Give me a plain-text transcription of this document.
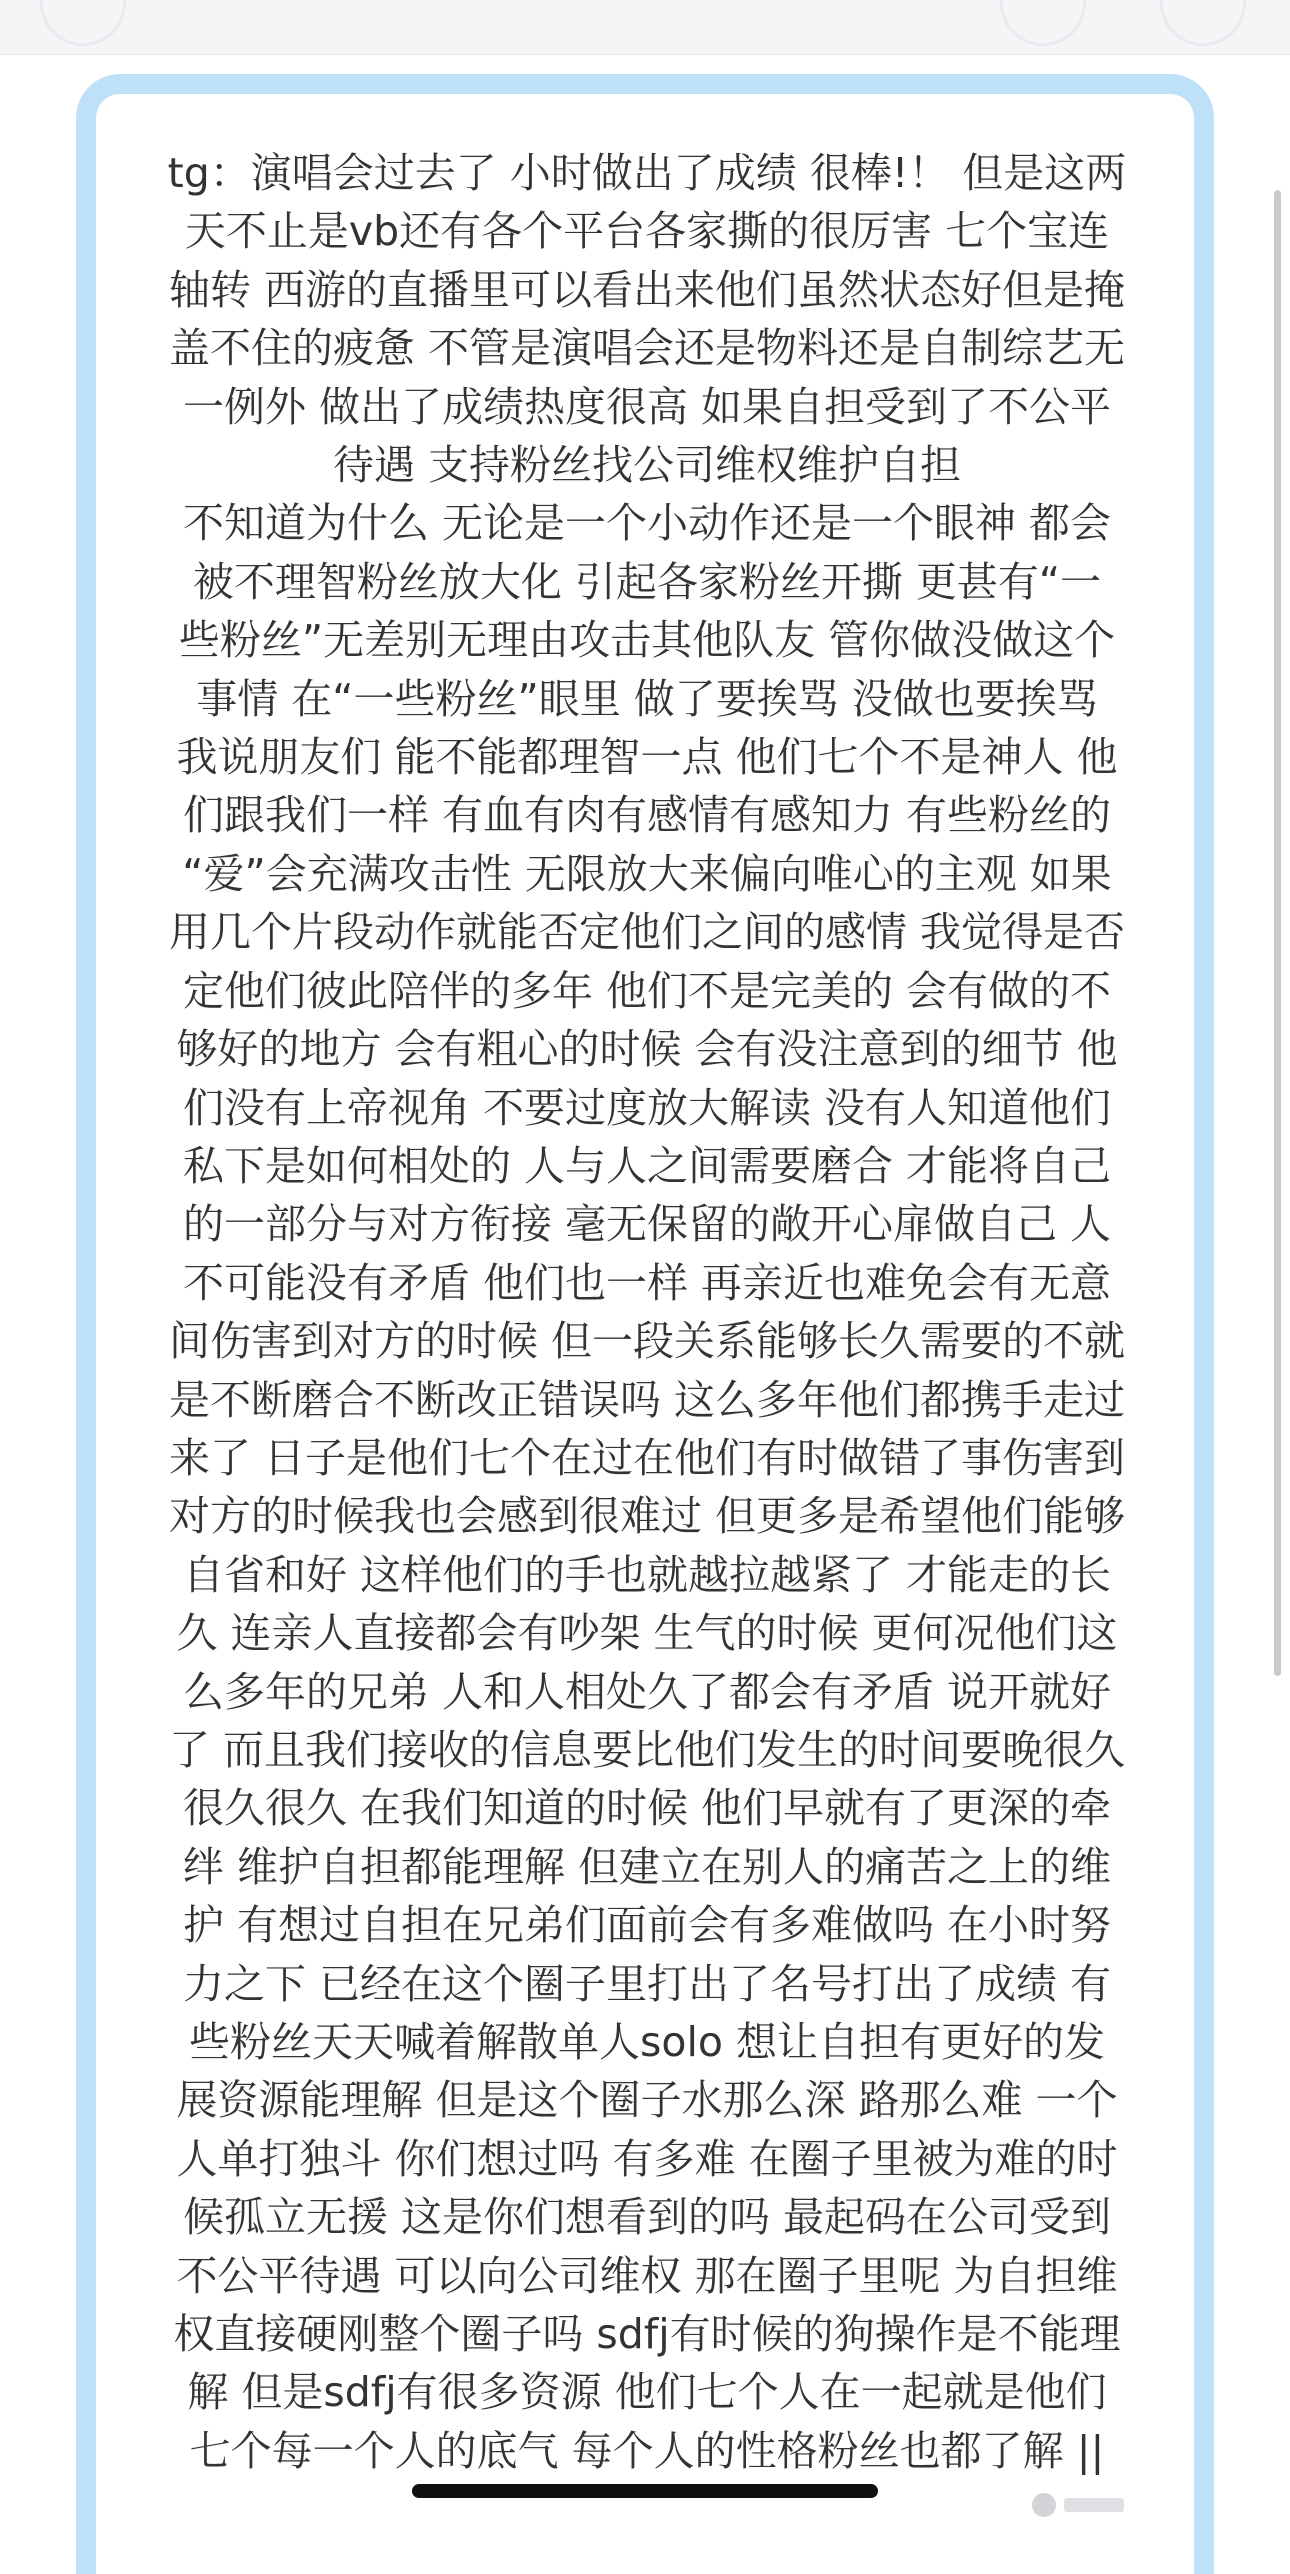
tg：演唱会过去了 小时做出了成绩 很棒!！ 但是这两
天不止是vb还有各个平台各家撕的很厉害 七个宝连
轴转 西游的直播里可以看出来他们虽然状态好但是掩
盖不住的疲惫 不管是演唱会还是物料还是自制综艺无
一例外 做出了成绩热度很高 如果自担受到了不公平
待遇 支持粉丝找公司维权维护自担

不知道为什么 无论是一个小动作还是一个眼神 都会
被不理智粉丝放大化 引起各家粉丝开撕 更甚有“一
些粉丝”无差别无理由攻击其他队友 管你做没做这个
事情 在“一些粉丝”眼里 做了要挨骂 没做也要挨骂
我说朋友们 能不能都理智一点 他们七个不是神人 他
们跟我们一样 有血有肉有感情有感知力 有些粉丝的
“爱”会充满攻击性 无限放大来偏向唯心的主观 如果
用几个片段动作就能否定他们之间的感情 我觉得是否
定他们彼此陪伴的多年 他们不是完美的 会有做的不
够好的地方 会有粗心的时候 会有没注意到的细节 他
们没有上帝视角 不要过度放大解读 没有人知道他们
私下是如何相处的 人与人之间需要磨合 才能将自己
的一部分与对方衔接 毫无保留的敞开心扉做自己 人
不可能没有矛盾 他们也一样 再亲近也难免会有无意
间伤害到对方的时候 但一段关系能够长久需要的不就
是不断磨合不断改正错误吗 这么多年他们都携手走过
来了 日子是他们七个在过在他们有时做错了事伤害到
对方的时候我也会感到很难过 但更多是希望他们能够
自省和好 这样他们的手也就越拉越紧了 才能走的长
久 连亲人直接都会有吵架 生气的时候 更何况他们这
么多年的兄弟 人和人相处久了都会有矛盾 说开就好
了 而且我们接收的信息要比他们发生的时间要晚很久
很久很久 在我们知道的时候 他们早就有了更深的牵
绊 维护自担都能理解 但建立在别人的痛苦之上的维
护 有想过自担在兄弟们面前会有多难做吗 在小时努
力之下 已经在这个圈子里打出了名号打出了成绩 有
些粉丝天天喊着解散单人solo 想让自担有更好的发
展资源能理解 但是这个圈子水那么深 路那么难 一个
人单打独斗 你们想过吗 有多难 在圈子里被为难的时
候孤立无援 这是你们想看到的吗 最起码在公司受到
不公平待遇 可以向公司维权 那在圈子里呢 为自担维
权直接硬刚整个圈子吗 sdfj有时候的狗操作是不能理
解 但是sdfj有很多资源 他们七个人在一起就是他们
七个每一个人的底气 每个人的性格粉丝也都了解 ||
